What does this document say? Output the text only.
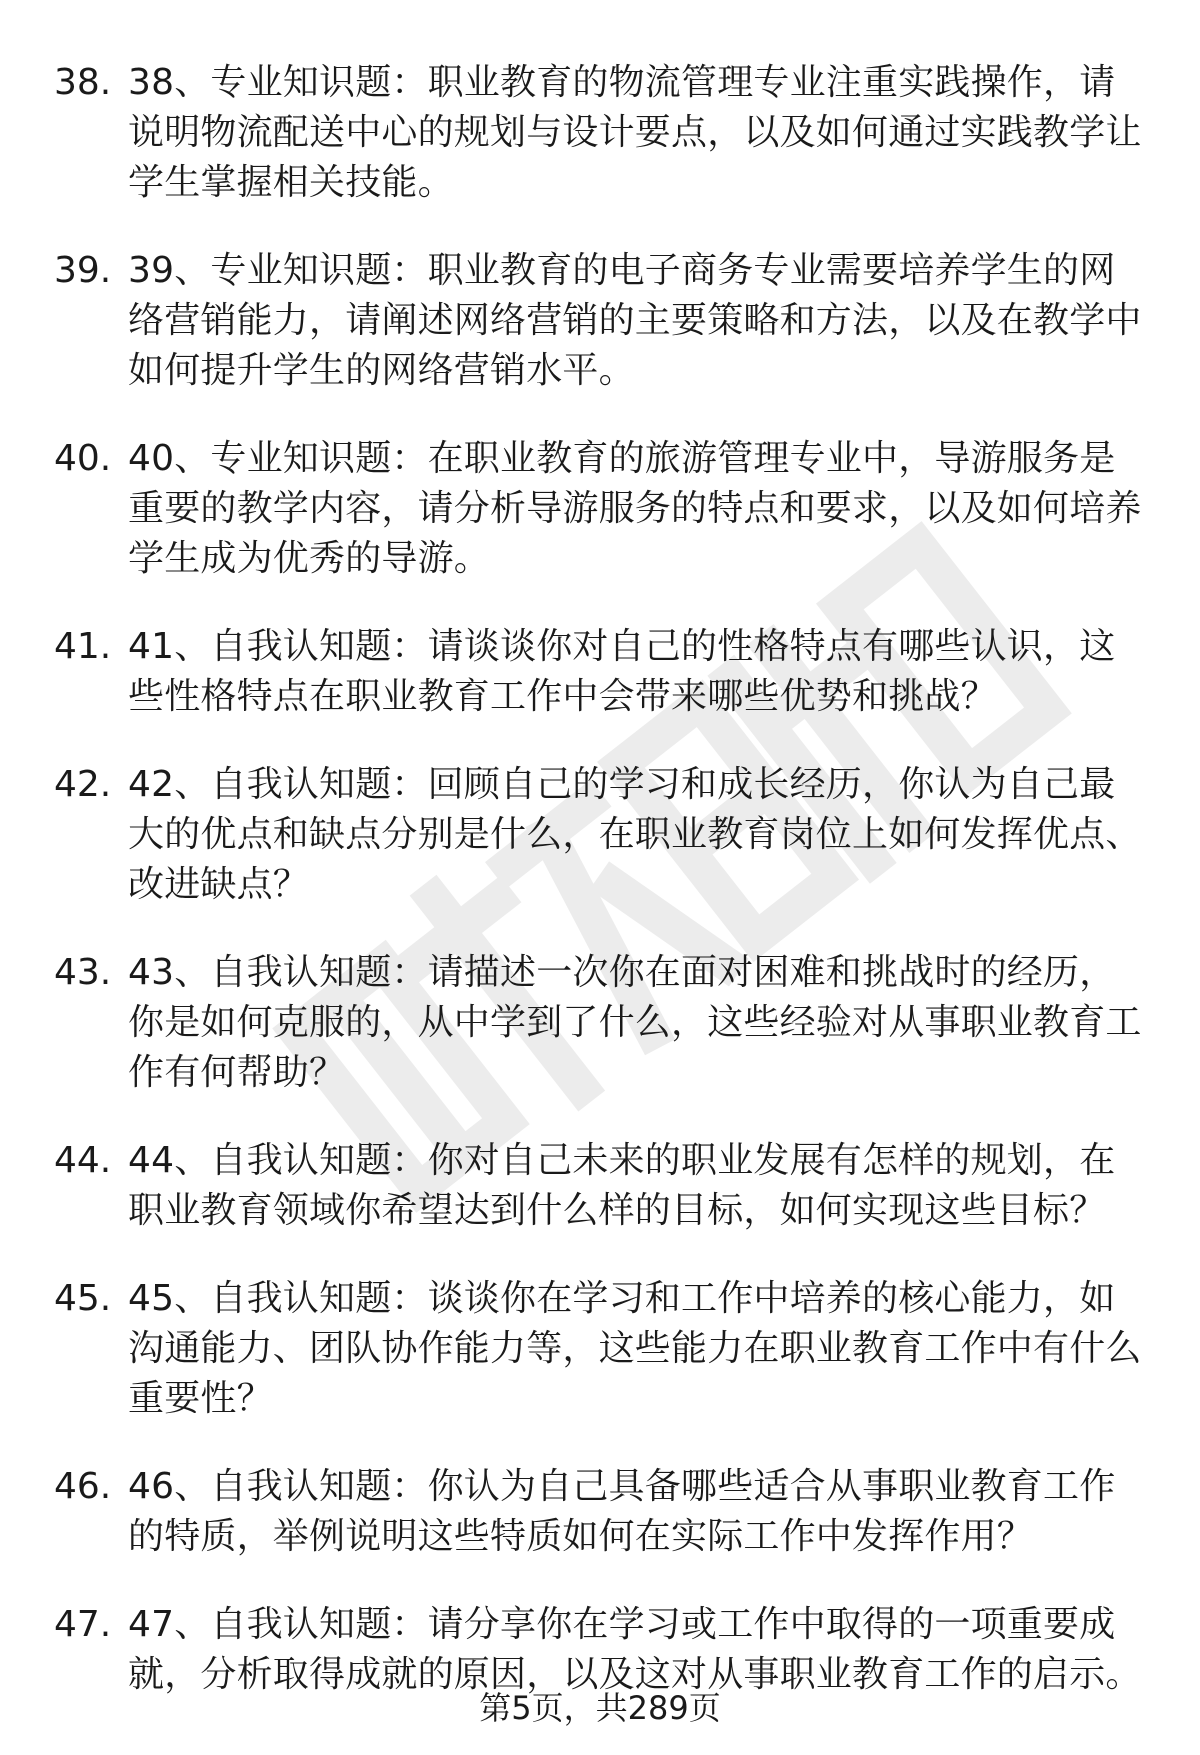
38. 38、专业知识题：职业教育的物流管理专业注重实践操作，请说明物流配送中心的规划与设计要点，以及如何通过实践教学让学生掌握相关技能。
39. 39、专业知识题：职业教育的电子商务专业需要培养学生的网络营销能力，请阐述网络营销的主要策略和方法，以及在教学中如何提升学生的网络营销水平。
40. 40、专业知识题：在职业教育的旅游管理专业中，导游服务是重要的教学内容，请分析导游服务的特点和要求，以及如何培养学生成为优秀的导游。
41. 41、自我认知题：请谈谈你对自己的性格特点有哪些认识，这些性格特点在职业教育工作中会带来哪些优势和挑战？
42. 42、自我认知题：回顾自己的学习和成长经历，你认为自己最大的优点和缺点分别是什么，在职业教育岗位上如何发挥优点、改进缺点？
43. 43、自我认知题：请描述一次你在面对困难和挑战时的经历，你是如何克服的，从中学到了什么，这些经验对从事职业教育工作有何帮助？
44. 44、自我认知题：你对自己未来的职业发展有怎样的规划，在职业教育领域你希望达到什么样的目标，如何实现这些目标？
45. 45、自我认知题：谈谈你在学习和工作中培养的核心能力，如沟通能力、团队协作能力等，这些能力在职业教育工作中有什么重要性？
46. 46、自我认知题：你认为自己具备哪些适合从事职业教育工作的特质，举例说明这些特质如何在实际工作中发挥作用？
47. 47、自我认知题：请分享你在学习或工作中取得的一项重要成就，分析取得成就的原因，以及这对从事职业教育工作的启示。
第5页，共289页
